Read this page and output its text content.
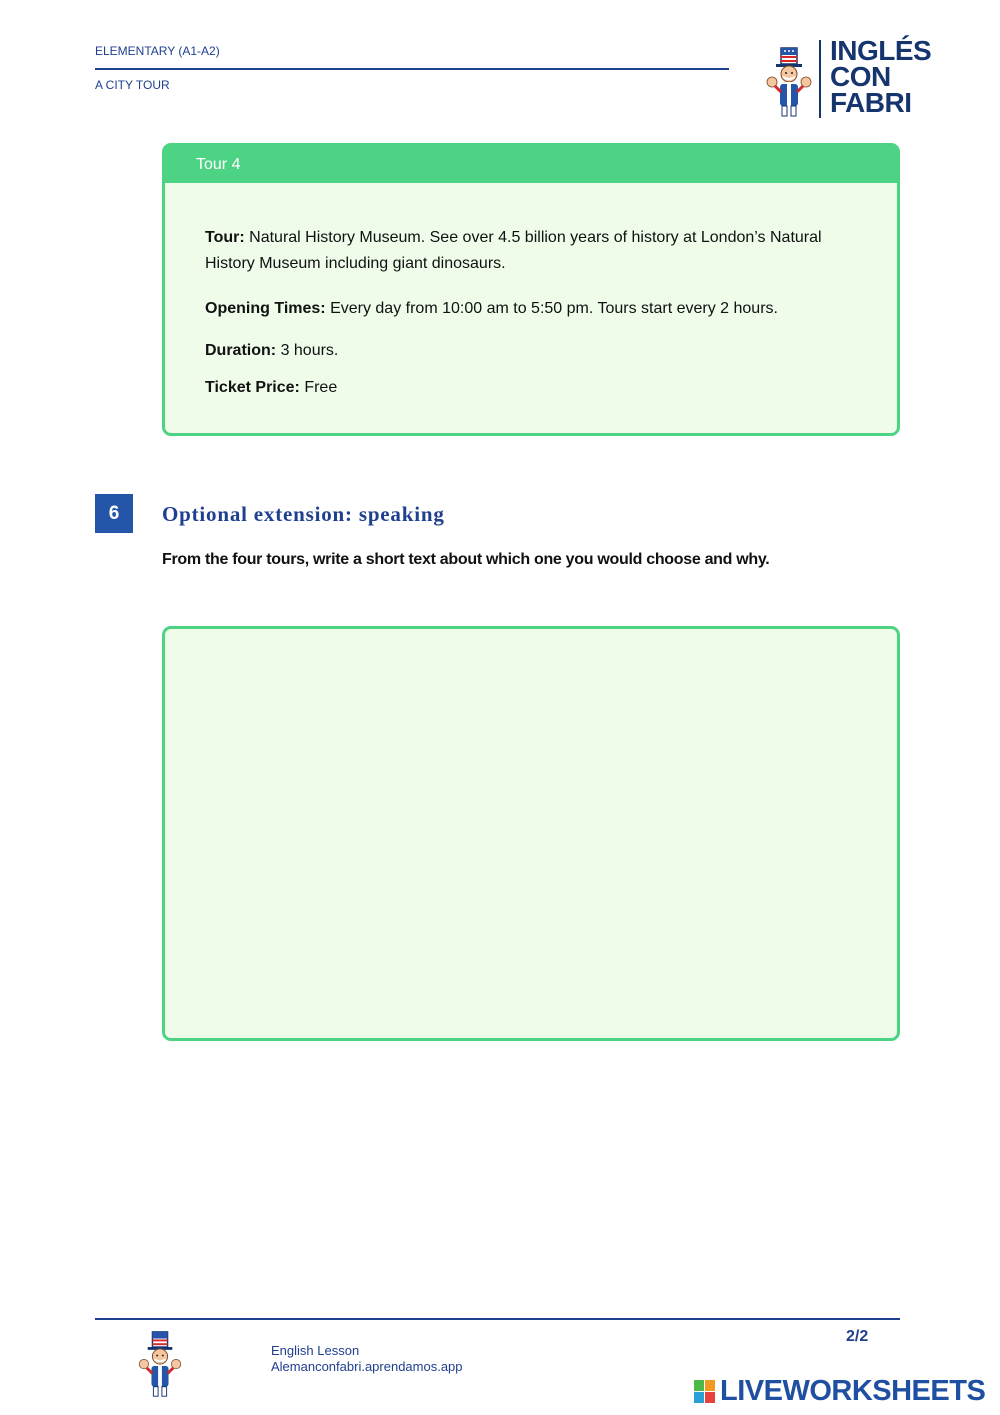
ELEMENTARY (A1-A2)
A CITY TOUR
INGLÉS
CON
FABRI
Tour 4

Tour: Natural History Museum. See over 4.5 billion years of history at London’s Natural History Museum including giant dinosaurs.

Opening Times: Every day from 10:00 am to 5:50 pm. Tours start every 2 hours.

Duration: 3 hours.

Ticket Price: Free

6	Optional extension: speaking
From the four tours, write a short text about which one you would choose and why.
English Lesson
Alemanconfabri.aprendamos.app
2/2
LIVEWORKSHEETS
